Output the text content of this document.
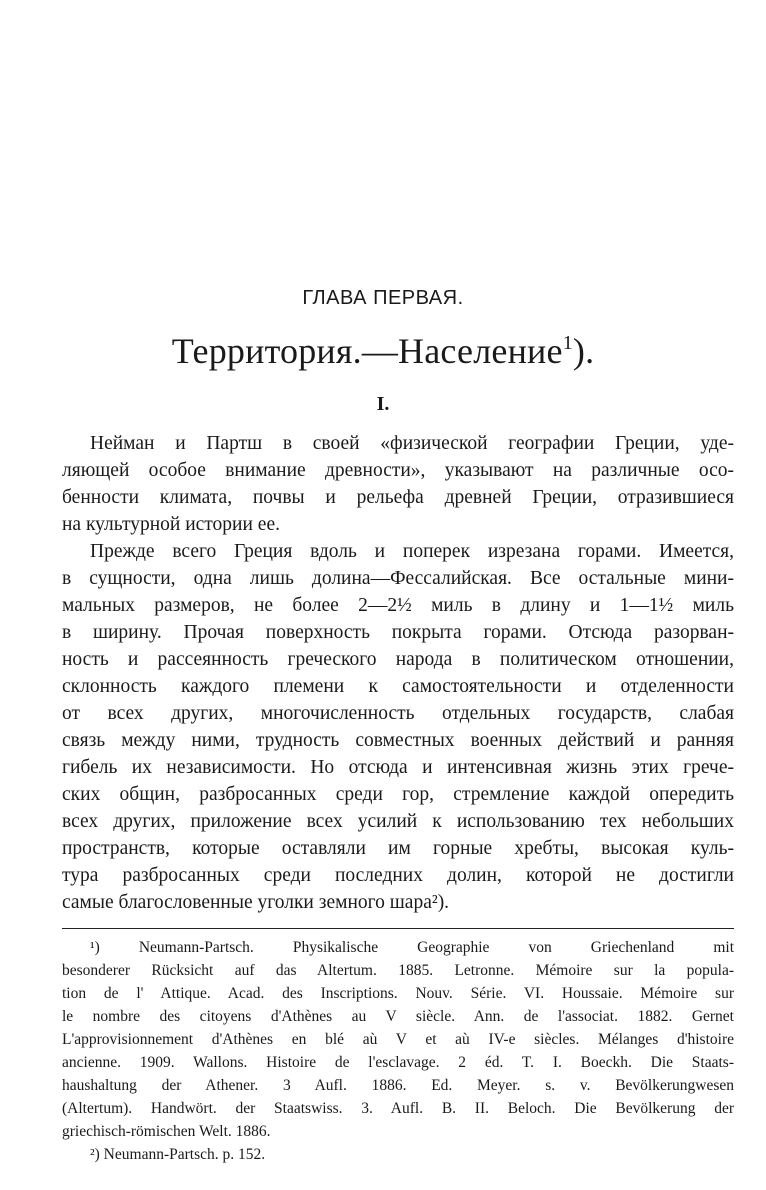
ГЛАВА ПЕРВАЯ.
Территория.—Население$^1$).
I.
Нейман и Партш в своей «физической географии Греции, уде-
ляющей особое внимание древности», указывают на различные осо-
бенности климата, почвы и рельефа древней Греции, отразившиеся
на культурной истории ее.
Прежде всего Греция вдоль и поперек изрезана горами. Имеется,
в сущности, одна лишь долина—Фессалийская. Все остальные мини-
мальных размеров, не более 2—2½ миль в длину и 1—1½ миль
в ширину. Прочая поверхность покрыта горами. Отсюда разорван-
ность и рассеянность греческого народа в политическом отношении,
склонность каждого племени к самостоятельности и отделенности
от всех других, многочисленность отдельных государств, слабая
связь между ними, трудность совместных военных действий и ранняя
гибель их независимости. Но отсюда и интенсивная жизнь этих грече-
ских общин, разбросанных среди гор, стремление каждой опередить
всех других, приложение всех усилий к использованию тех небольших
пространств, которые оставляли им горные хребты, высокая куль-
тура разбросанных среди последних долин, которой не достигли
самые благословенные уголки земного шара²).
¹) Neumann-Partsch. Physikalische Geographie von Griechenland mit
besonderer Rücksicht auf das Altertum. 1885. Letronne. Mémoire sur la popula-
tion de l' Attique. Acad. des Inscriptions. Nouv. Série. VI. Houssaie. Mémoire sur
le nombre des citoyens d'Athènes au V siècle. Ann. de l'associat. 1882. Gernet
L'approvisionnement d'Athènes en blé aù V et aù IV-e siècles. Mélanges d'histoire
ancienne. 1909. Wallons. Histoire de l'esclavage. 2 éd. T. I. Boeckh. Die Staats-
haushaltung der Athener. 3 Aufl. 1886. Ed. Meyer. s. v. Bevölkerungwesen
(Altertum). Handwört. der Staatswiss. 3. Aufl. B. II. Beloch. Die Bevölkerung der
griechisch-römischen Welt. 1886.
²) Neumann-Partsch. p. 152.
